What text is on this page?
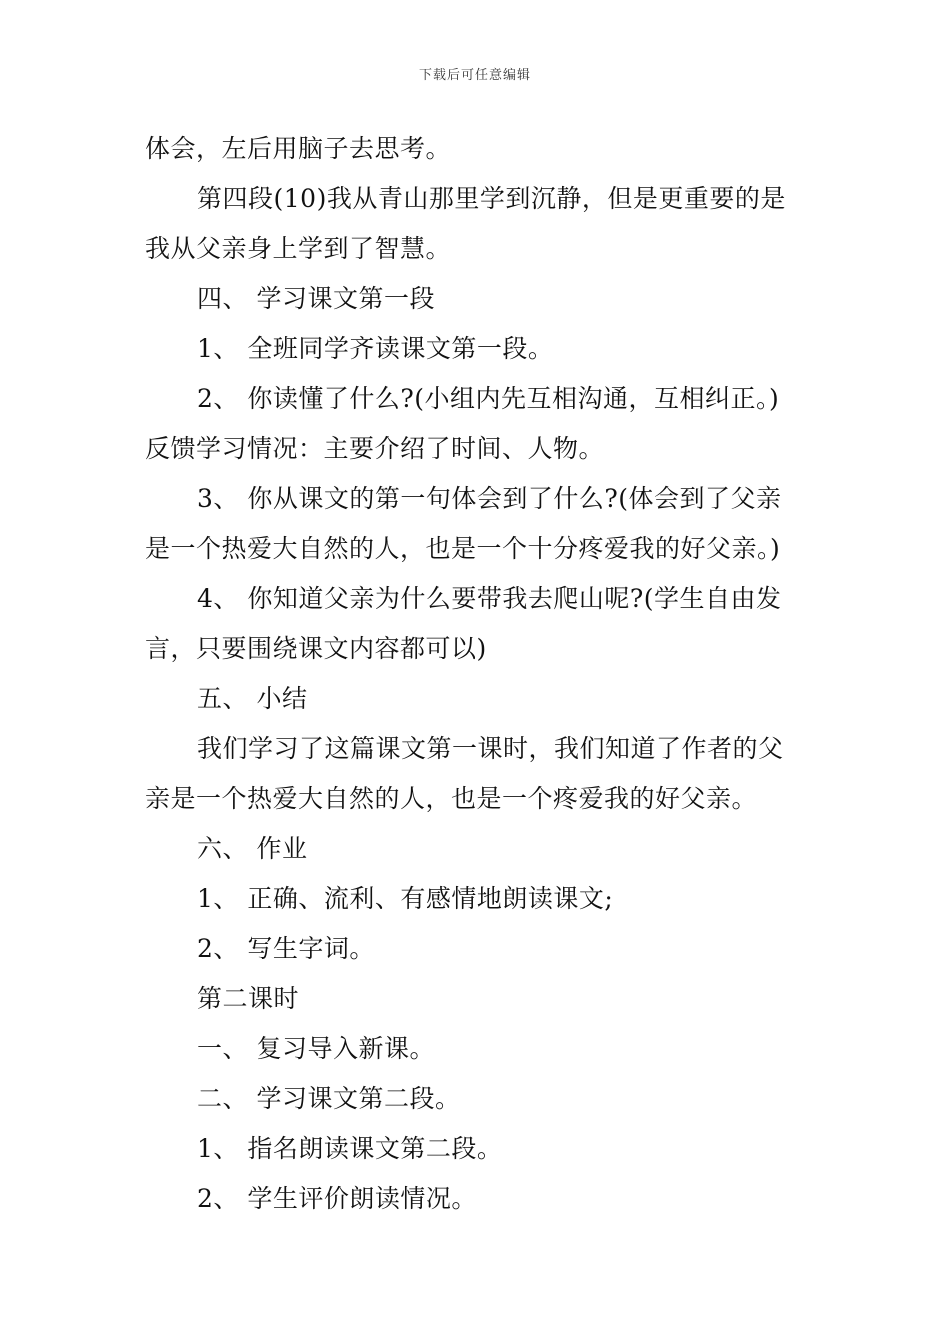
下载后可任意编辑
体会，左后用脑子去思考。
第四段(10)我从青山那里学到沉静，但是更重要的是
我从父亲身上学到了智慧。
四、 学习课文第一段
1、 全班同学齐读课文第一段。
2、 你读懂了什么?(小组内先互相沟通，互相纠正。)
反馈学习情况：主要介绍了时间、人物。
3、 你从课文的第一句体会到了什么?(体会到了父亲
是一个热爱大自然的人，也是一个十分疼爱我的好父亲。)
4、 你知道父亲为什么要带我去爬山呢?(学生自由发
言，只要围绕课文内容都可以)
五、 小结
我们学习了这篇课文第一课时，我们知道了作者的父
亲是一个热爱大自然的人，也是一个疼爱我的好父亲。
六、 作业
1、 正确、流利、有感情地朗读课文;
2、 写生字词。
第二课时
一、 复习导入新课。
二、 学习课文第二段。
1、 指名朗读课文第二段。
2、 学生评价朗读情况。
